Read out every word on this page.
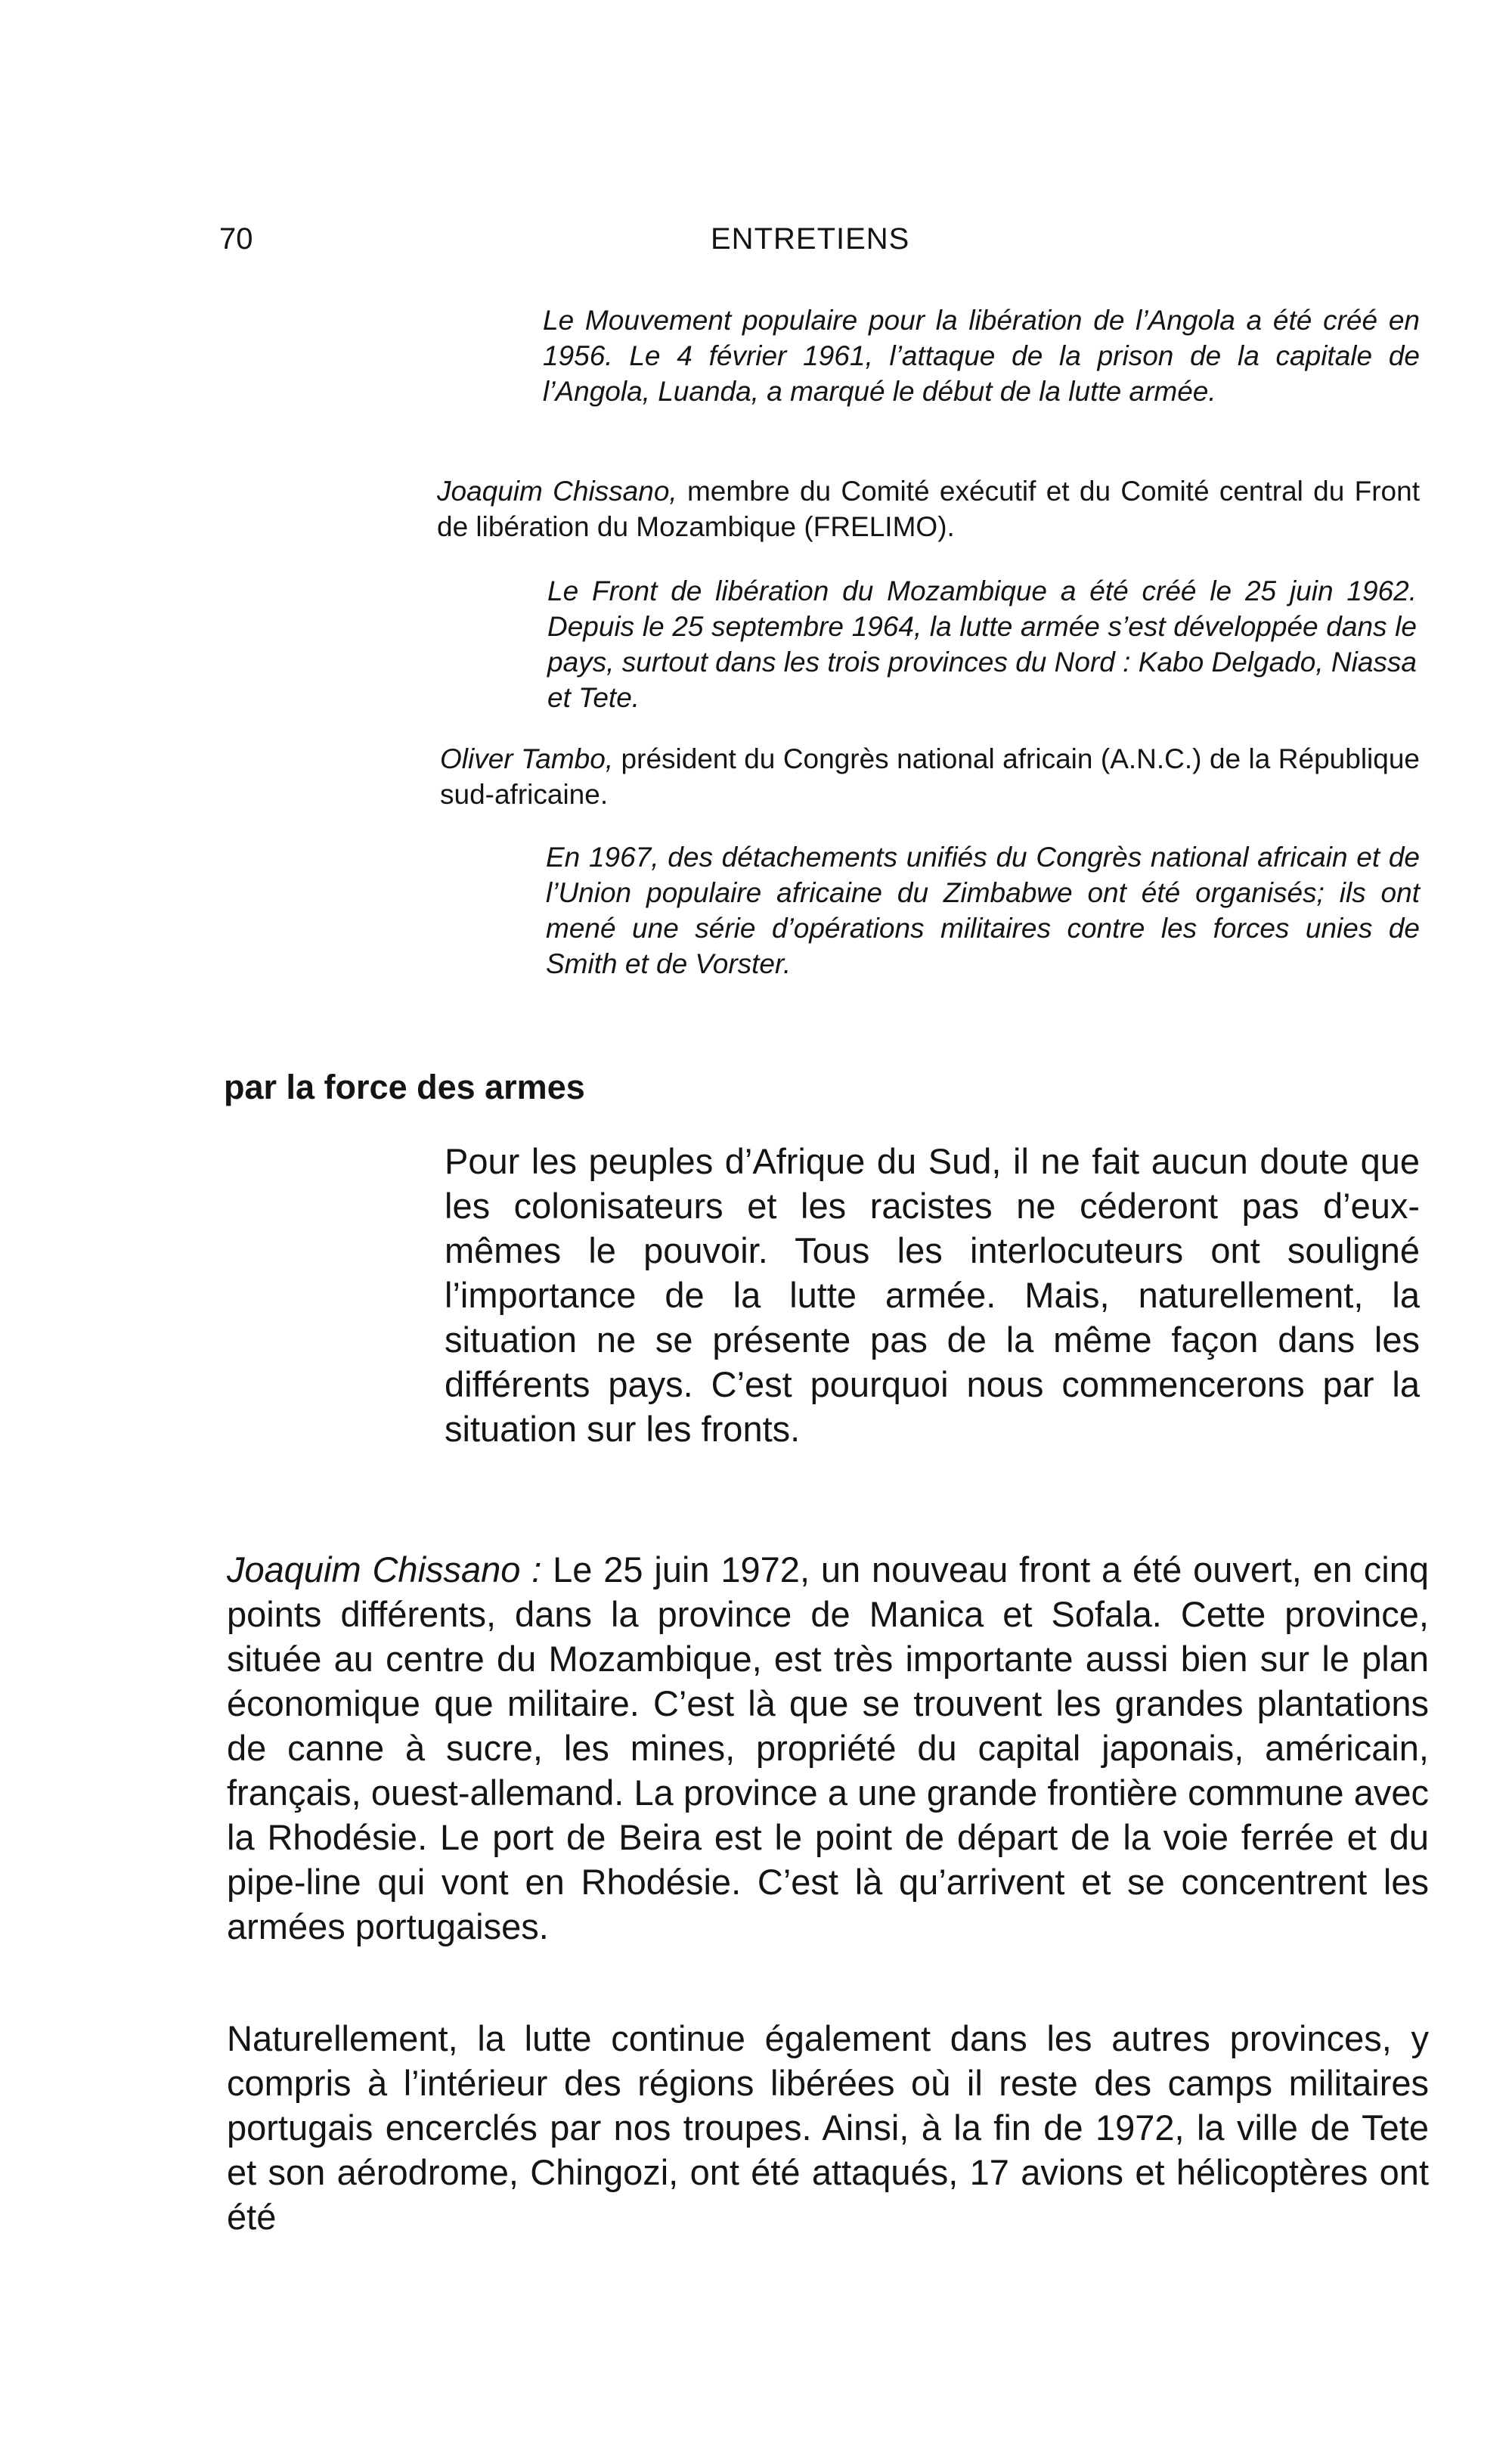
70	ENTRETIENS

Le Mouvement populaire pour la libération de l’Angola a été créé en 1956. Le 4 février 1961, l’attaque de la prison de la capitale de l’Angola, Luanda, a marqué le début de la lutte armée.

Joaquim Chissano, membre du Comité exécutif et du Comité central du Front de libération du Mozambique (FRELIMO).

Le Front de libération du Mozambique a été créé le 25 juin 1962. Depuis le 25 septembre 1964, la lutte armée s’est développée dans le pays, surtout dans les trois provinces du Nord : Kabo Delgado, Niassa et Tete.

Oliver Tambo, président du Congrès national africain (A.N.C.) de la République sud-africaine.

En 1967, des détachements unifiés du Congrès national africain et de l’Union populaire africaine du Zimbabwe ont été organisés; ils ont mené une série d’opérations militaires contre les forces unies de Smith et de Vorster.

par la force des armes

Pour les peuples d’Afrique du Sud, il ne fait aucun doute que les colonisateurs et les racistes ne céderont pas d’eux-mêmes le pouvoir. Tous les interlocuteurs ont souligné l’importance de la lutte armée. Mais, naturellement, la situation ne se présente pas de la même façon dans les différents pays. C’est pourquoi nous commencerons par la situation sur les fronts.

Joaquim Chissano : Le 25 juin 1972, un nouveau front a été ouvert, en cinq points différents, dans la province de Manica et Sofala. Cette province, située au centre du Mozambique, est très importante aussi bien sur le plan économique que militaire. C’est là que se trouvent les grandes plantations de canne à sucre, les mines, propriété du capital japonais, américain, français, ouest-allemand. La province a une grande frontière commune avec la Rhodésie. Le port de Beira est le point de départ de la voie ferrée et du pipe-line qui vont en Rhodésie. C’est là qu’arrivent et se concentrent les armées portugaises.

Naturellement, la lutte continue également dans les autres provinces, y compris à l’intérieur des régions libérées où il reste des camps militaires portugais encerclés par nos troupes. Ainsi, à la fin de 1972, la ville de Tete et son aérodrome, Chingozi, ont été attaqués, 17 avions et hélicoptères ont été
